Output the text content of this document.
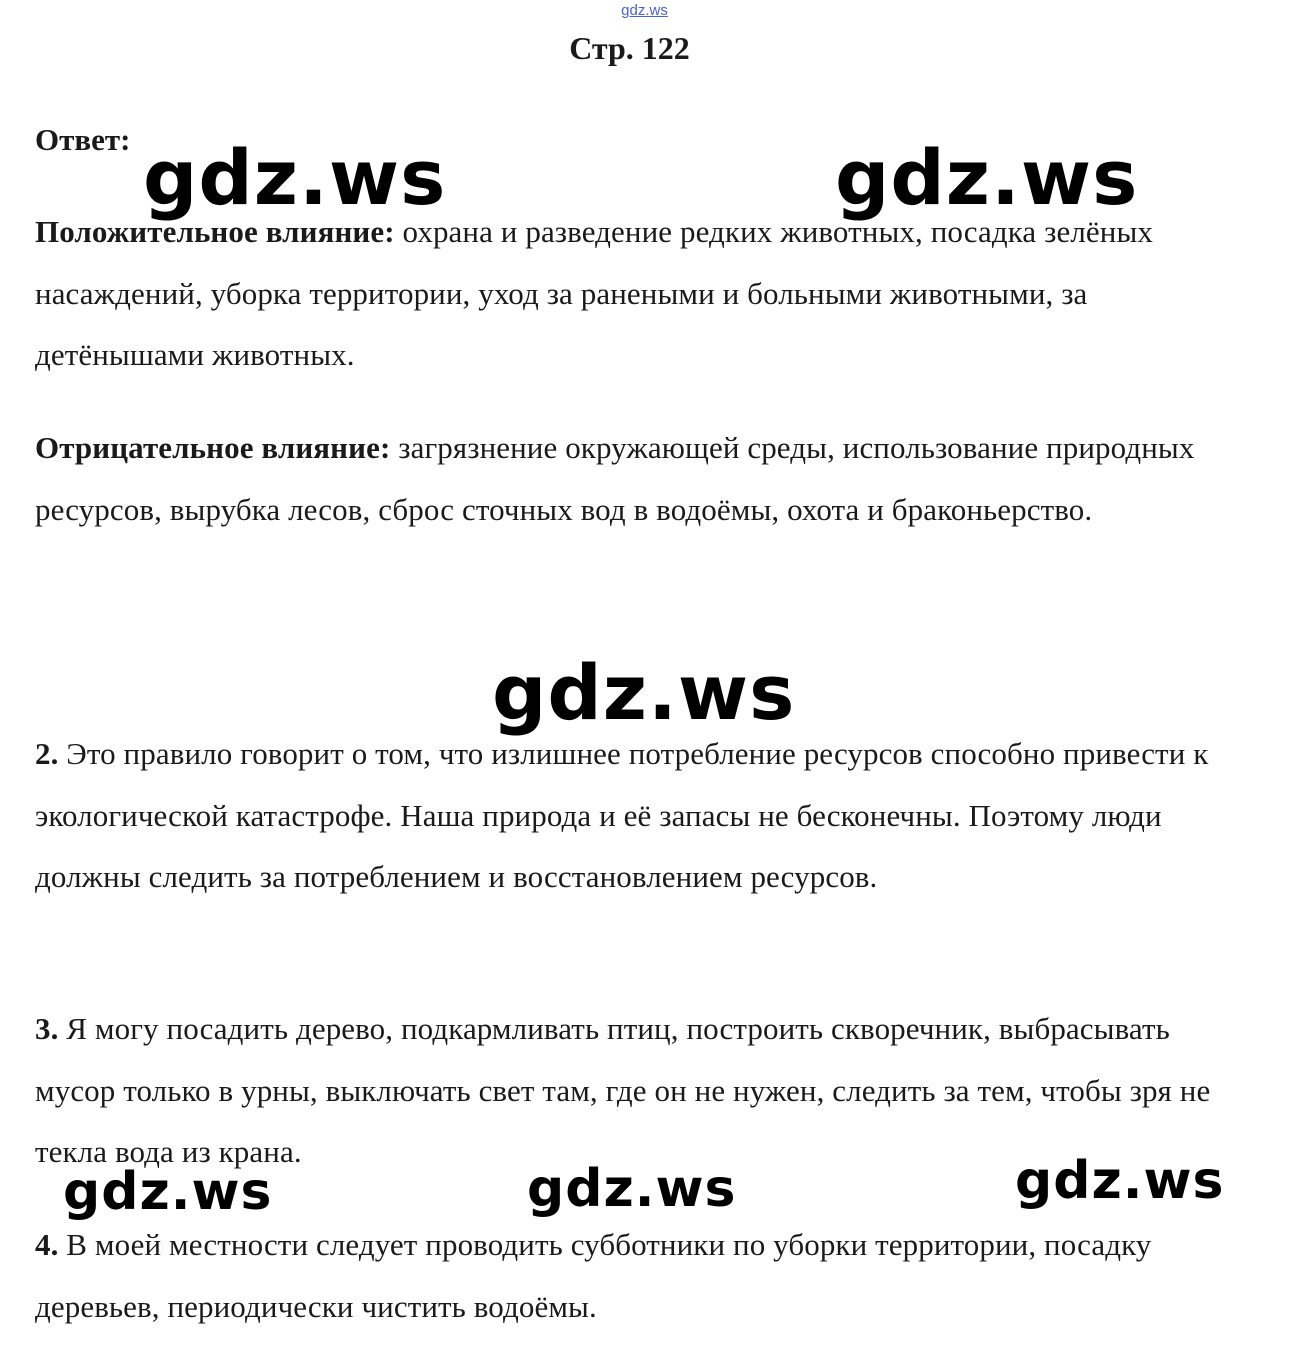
gdz.ws
Стр. 122

Ответ:

Положительное влияние: охрана и разведение редких животных, посадка зелёных насаждений, уборка территории, уход за ранеными и больными животными, за детёнышами животных.

Отрицательное влияние: загрязнение окружающей среды, использование природных ресурсов, вырубка лесов, сброс сточных вод в водоёмы, охота и браконьерство.

2. Это правило говорит о том, что излишнее потребление ресурсов способно привести к экологической катастрофе. Наша природа и её запасы не бесконечны. Поэтому люди должны следить за потреблением и восстановлением ресурсов.

3. Я могу посадить дерево, подкармливать птиц, построить скворечник, выбрасывать мусор только в урны, выключать свет там, где он не нужен, следить за тем, чтобы зря не текла вода из крана.

4. В моей местности следует проводить субботники по уборки территории, посадку деревьев, периодически чистить водоёмы.

gdz.ws	gdz.ws
gdz.ws
gdz.ws	gdz.ws	gdz.ws
